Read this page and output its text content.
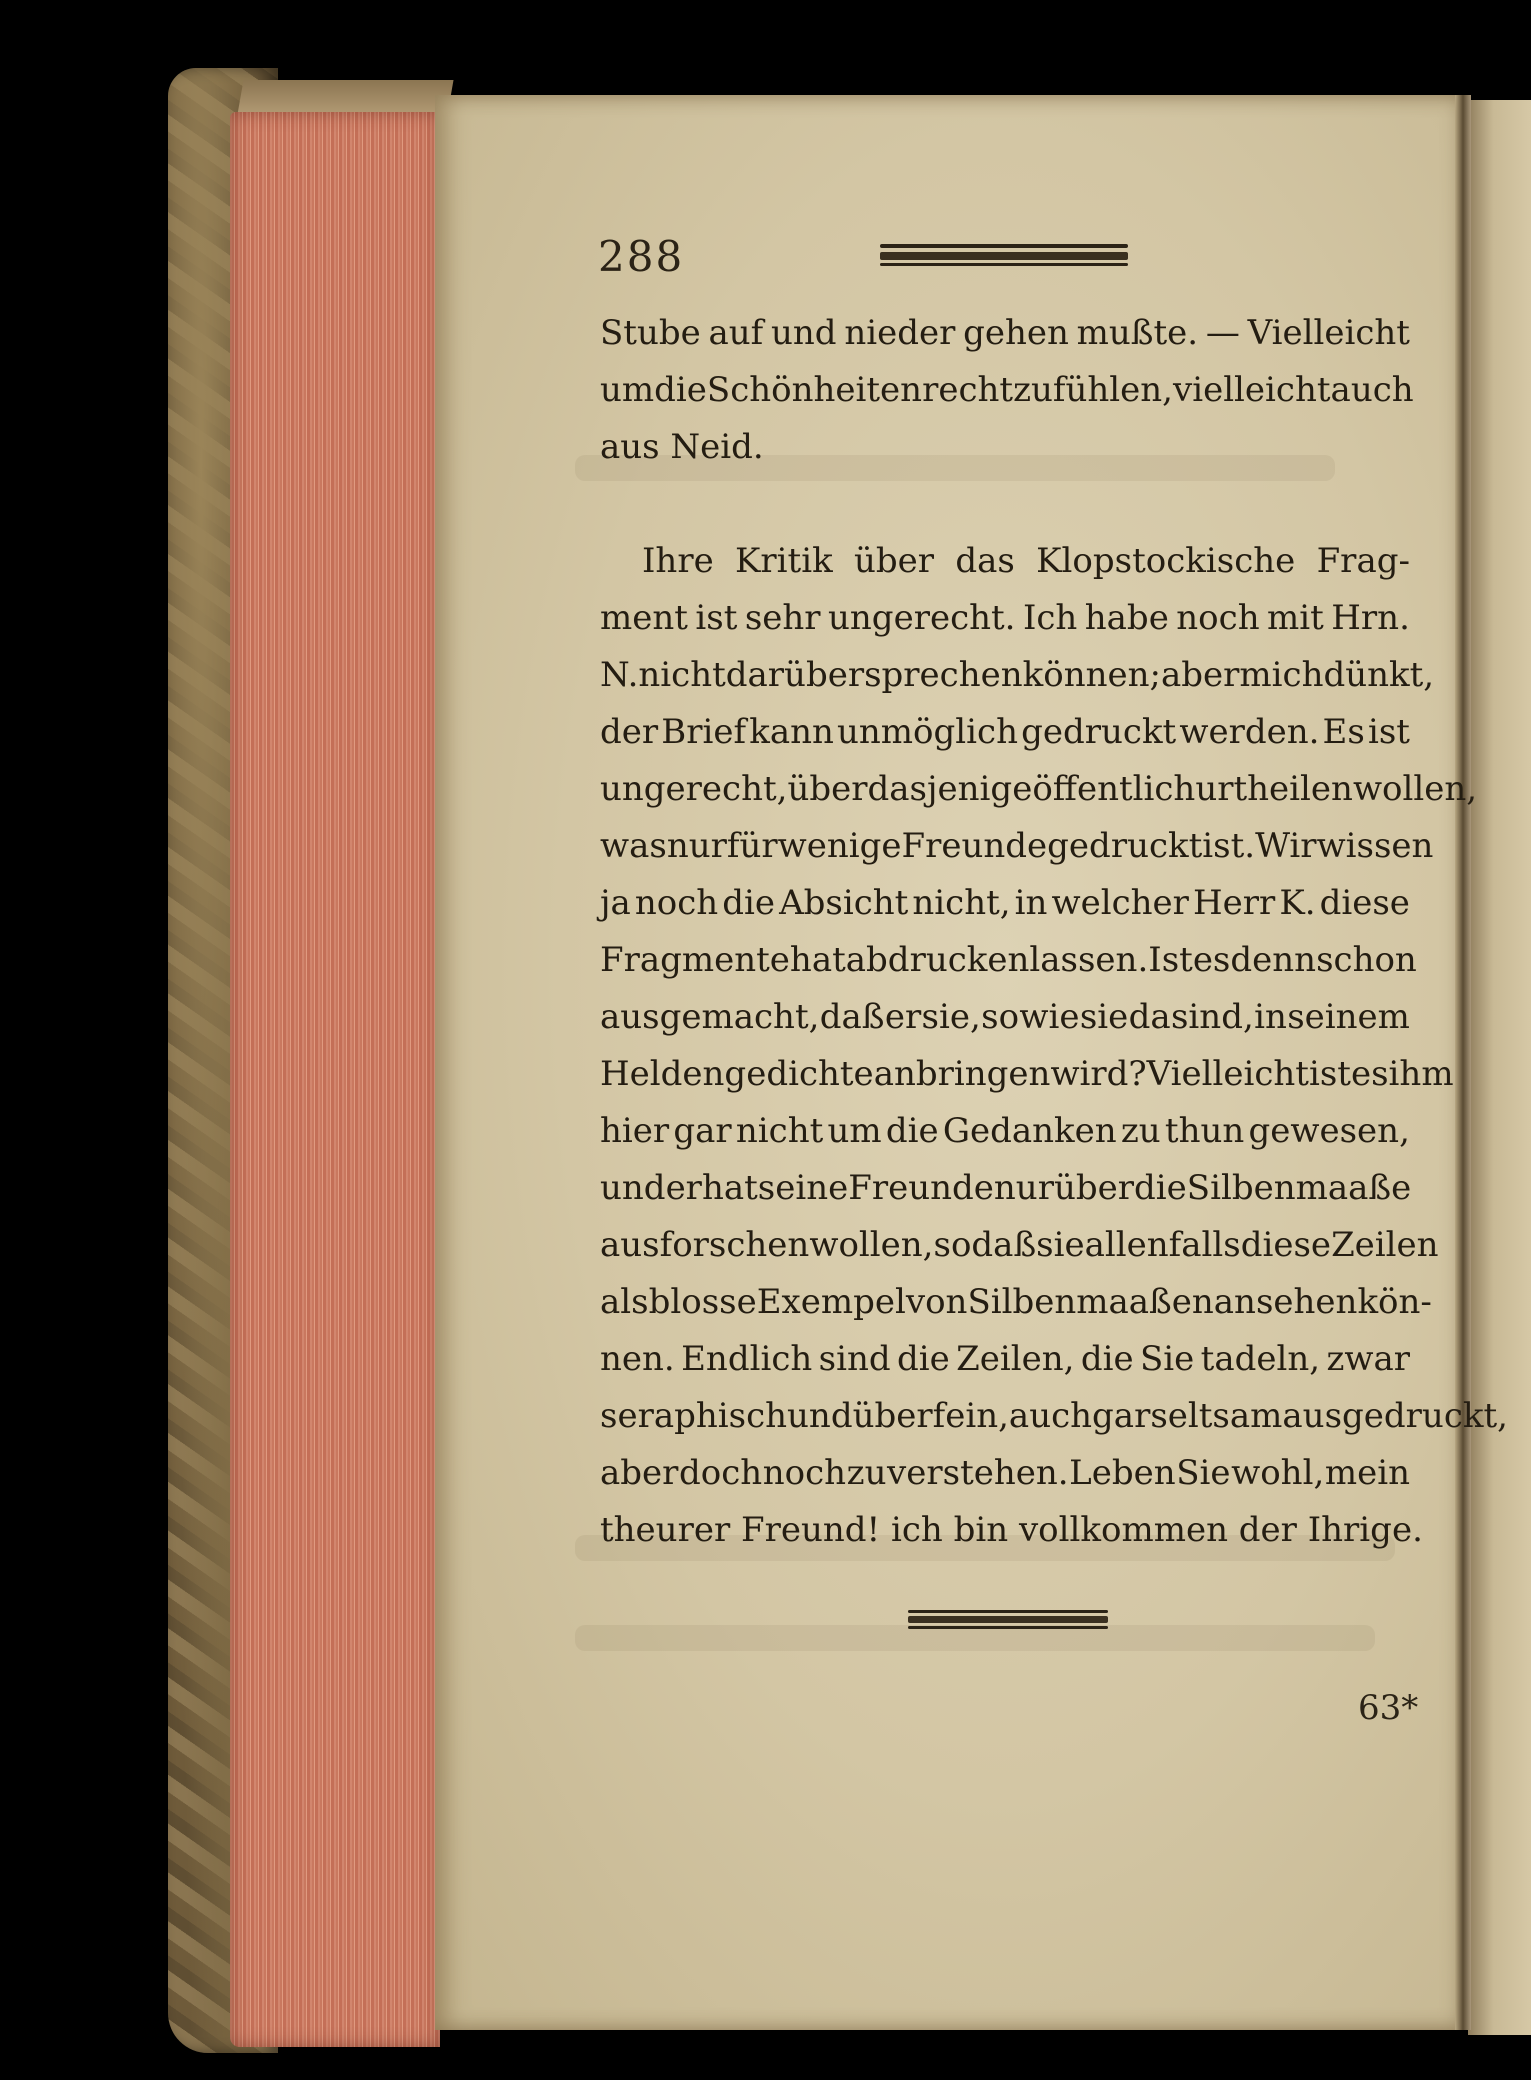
288
Stube auf und nieder gehen mußte. — Vielleicht
um die Schönheiten recht zu fühlen, vielleicht auch
aus Neid.
Ihre Kritik über das Klopstockische Frag-
ment ist sehr ungerecht. Ich habe noch mit Hrn.
N. nicht darüber sprechen können; aber mich dünkt,
der Brief kann unmöglich gedruckt werden. Es ist
ungerecht, über dasjenige öffentlich urtheilen wollen,
was nur für wenige Freunde gedruckt ist. Wir wissen
ja noch die Absicht nicht, in welcher Herr K. diese
Fragmente hat abdrucken lassen. Ist es denn schon
ausgemacht, daß er sie, so wie sie da sind, in seinem
Heldengedichte anbringen wird? Vielleicht ist es ihm
hier gar nicht um die Gedanken zu thun gewesen,
und er hat seine Freunde nur über die Silbenmaaße
ausforschen wollen, so daß sie allenfalls diese Zeilen
als blosse Exempel von Silbenmaaßen ansehen kön-
nen. Endlich sind die Zeilen, die Sie tadeln, zwar
seraphisch und überfein, auch gar seltsam ausgedruckt,
aber doch noch zu verstehen. Leben Sie wohl, mein
theurer Freund! ich bin vollkommen der Ihrige.
63*
